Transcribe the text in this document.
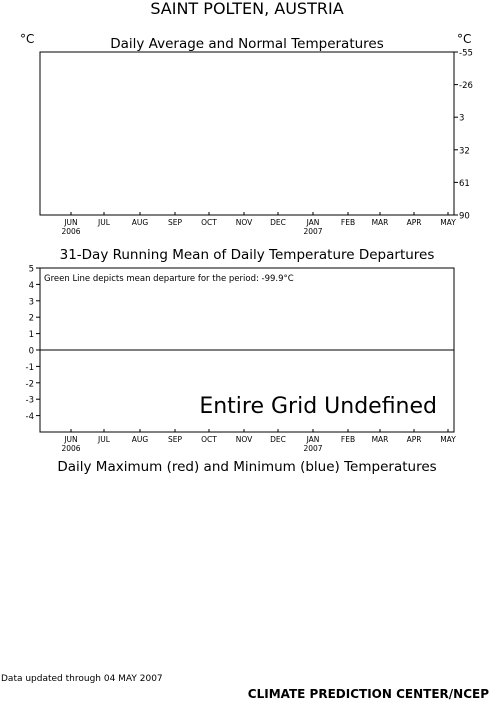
SAINT POLTEN, AUSTRIA
°C	°C
Daily Average and Normal Temperatures
-55
-26
3
32
61
90
JUN	JUL	AUG	SEP	OCT	NOV DEC	JAN	FEB MAR APR	MAY
2006	2007
31-Day Running Mean of Daily Temperature Departures
5
4
3
2
1
0
-1
-2
-3
-4
Green Line depicts mean departure for the period: -99.9°C
Entire Grid Undefined
JUN	JUL	AUG	SEP	OCT	NOV DEC	JAN	FEB MAR APR	MAY
2006	2007
Daily Maximum (red) and Minimum (blue) Temperatures
Data updated through 04 MAY 2007
CLIMATE PREDICTION CENTER/NCEP
